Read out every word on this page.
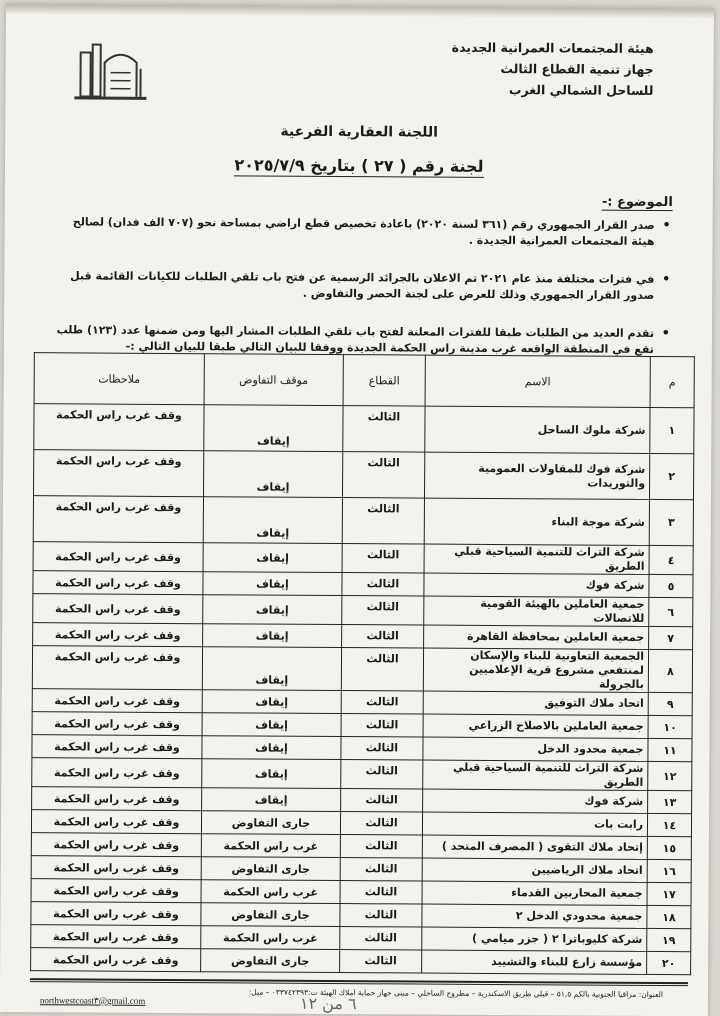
هيئة المجتمعات العمرانية الجديدة
جهاز تنمية القطاع الثالث
للساحل الشمالي الغرب
اللجنة العقارية الفرعية
لجنة رقم ( ٢٧ ) بتاريخ ٢٠٢٥/٧/٩
الموضوع :-
• صدر القرار الجمهوري رقم (٣٦١ لسنة ٢٠٢٠) باعادة تخصيص قطع اراضي بمساحة نحو (٧٠٧ الف فدان) لصالح هيئة المجتمعات العمرانية الجديدة .
• في فترات مختلفة منذ عام ٢٠٢١ تم الاعلان بالجرائد الرسمية عن فتح باب تلقي الطلبات للكيانات القائمة قبل صدور القرار الجمهوري وذلك للعرض على لجنة الحصر والتفاوض .
• تقدم العديد من الطلبات طبقا للفترات المعلنة لفتح باب تلقي الطلبات المشار اليها ومن ضمنها عدد (١٢٣) طلب تقع في المنطقة الواقعه غرب مدينة راس الحكمة الجديدة ووفقا للبيان التالي طبقا للبيان التالي :-
م	الاسم	القطاع	موقف التفاوض	ملاحظات
١	شركة ملوك الساحل	الثالث	إيقاف	وقف غرب راس الحكمة
٢	شركة فوك للمقاولات العمومية والتوريدات	الثالث	إيقاف	وقف غرب راس الحكمة
٣	شركة موجة البناء	الثالث	إيقاف	وقف غرب راس الحكمة
٤	شركة التراث للتنمية السياحية قبلي الطريق	الثالث	إيقاف	وقف غرب راس الحكمة
٥	شركة فوك	الثالث	إيقاف	وقف غرب راس الحكمة
٦	جمعية العاملين بالهيئة القومية للاتصالات	الثالث	إيقاف	وقف غرب راس الحكمة
٧	جمعية العاملين بمحافظة القاهرة	الثالث	إيقاف	وقف غرب راس الحكمة
٨	الجمعية التعاونية للبناء والإسكان لمنتفعي مشروع قرية الإعلاميين بالجرولة	الثالث	إيقاف	وقف غرب راس الحكمة
٩	اتحاد ملاك التوفيق	الثالث	إيقاف	وقف غرب راس الحكمة
١٠	جمعية العاملين بالاصلاح الزراعي	الثالث	إيقاف	وقف غرب راس الحكمة
١١	جمعية محدود الدخل	الثالث	إيقاف	وقف غرب راس الحكمة
١٢	شركة التراث للتنمية السياحية قبلي الطريق	الثالث	إيقاف	وقف غرب راس الحكمة
١٣	شركة فوك	الثالث	إيقاف	وقف غرب راس الحكمة
١٤	رابت بات	الثالث	جارى التفاوض	وقف غرب راس الحكمة
١٥	إتحاد ملاك التقوى ( المصرف المتحد )	الثالث	غرب راس الحكمة	وقف غرب راس الحكمة
١٦	اتحاد ملاك الرياضيين	الثالث	جارى التفاوض	وقف غرب راس الحكمة
١٧	جمعية المحاربين القدماء	الثالث	غرب راس الحكمة	وقف غرب راس الحكمة
١٨	جمعية محدودي الدخل ٢	الثالث	جارى التفاوض	وقف غرب راس الحكمة
١٩	شركة كليوباترا ٢ ( جزر ميامي )	الثالث	غرب راس الحكمة	وقف غرب راس الحكمة
٢٠	مؤسسة زارع للبناء والتشييد	الثالث	جارى التفاوض	وقف غرب راس الحكمة
العنوان: مراقيا الجنوبية بالكم ٥١,٥ – قبلي طريق الاسكندرية – مطروح الساحلي – مبنى جهاز حماية املاك الهيئة ت:٠٣٣٧٤٢٣٩٣ – ميل:
northwestcoast٣@gmail.com	٦ من ١٢
